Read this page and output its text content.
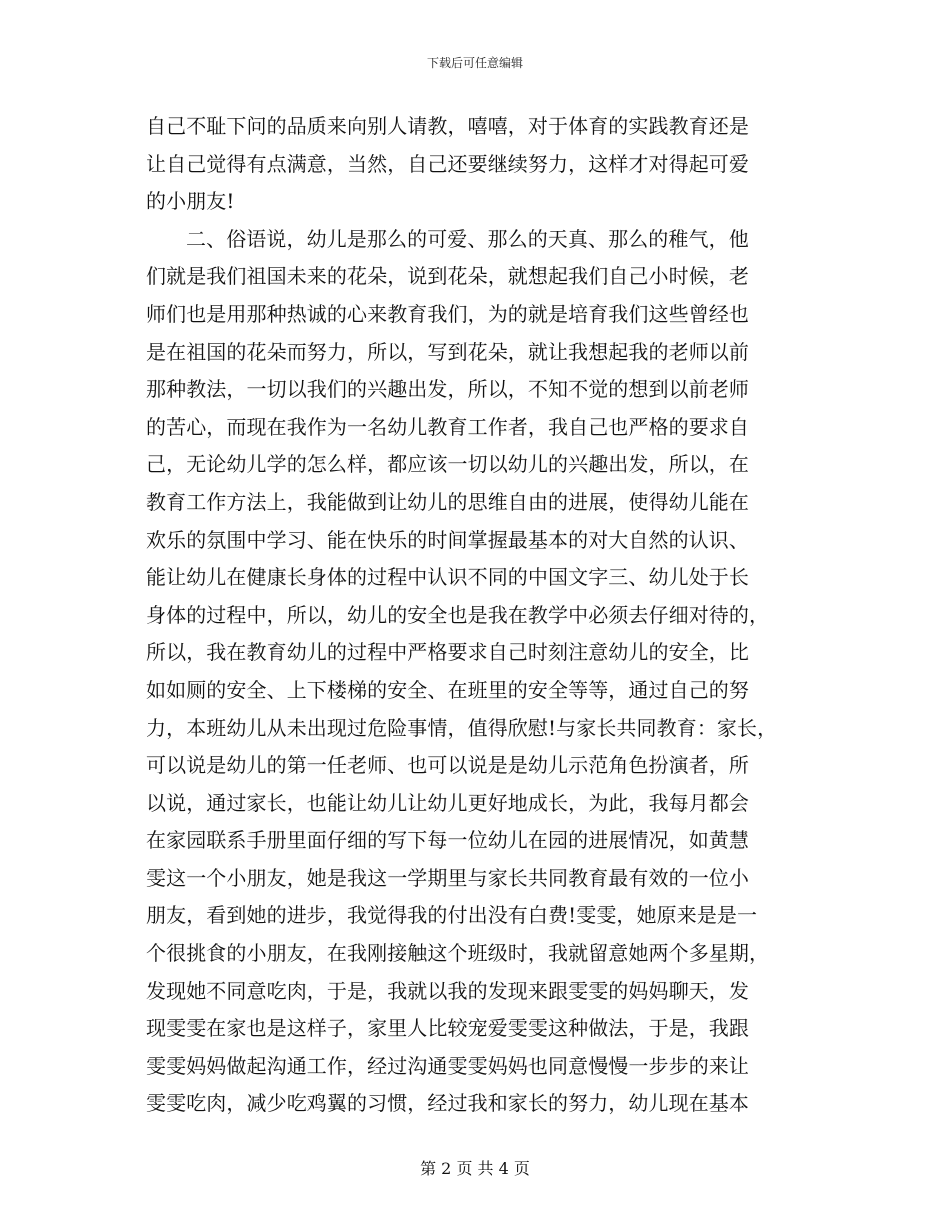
下载后可任意编辑
自己不耻下问的品质来向别人请教，嘻嘻，对于体育的实践教育还是
让自己觉得有点满意，当然，自己还要继续努力，这样才对得起可爱
的小朋友!
二、俗语说，幼儿是那么的可爱、那么的天真、那么的稚气，他
们就是我们祖国未来的花朵，说到花朵，就想起我们自己小时候，老
师们也是用那种热诚的心来教育我们，为的就是培育我们这些曾经也
是在祖国的花朵而努力，所以，写到花朵，就让我想起我的老师以前
那种教法，一切以我们的兴趣出发，所以，不知不觉的想到以前老师
的苦心，而现在我作为一名幼儿教育工作者，我自己也严格的要求自
己，无论幼儿学的怎么样，都应该一切以幼儿的兴趣出发，所以，在
教育工作方法上，我能做到让幼儿的思维自由的进展，使得幼儿能在
欢乐的氛围中学习、能在快乐的时间掌握最基本的对大自然的认识、
能让幼儿在健康长身体的过程中认识不同的中国文字三、幼儿处于长
身体的过程中，所以，幼儿的安全也是我在教学中必须去仔细对待的，
所以，我在教育幼儿的过程中严格要求自己时刻注意幼儿的安全，比
如如厕的安全、上下楼梯的安全、在班里的安全等等，通过自己的努
力，本班幼儿从未出现过危险事情，值得欣慰!与家长共同教育：家长，
可以说是幼儿的第一任老师、也可以说是是幼儿示范角色扮演者，所
以说，通过家长，也能让幼儿让幼儿更好地成长，为此，我每月都会
在家园联系手册里面仔细的写下每一位幼儿在园的进展情况，如黄慧
雯这一个小朋友，她是我这一学期里与家长共同教育最有效的一位小
朋友，看到她的进步，我觉得我的付出没有白费!雯雯，她原来是是一
个很挑食的小朋友，在我刚接触这个班级时，我就留意她两个多星期，
发现她不同意吃肉，于是，我就以我的发现来跟雯雯的妈妈聊天，发
现雯雯在家也是这样子，家里人比较宠爱雯雯这种做法，于是，我跟
雯雯妈妈做起沟通工作，经过沟通雯雯妈妈也同意慢慢一步步的来让
雯雯吃肉，减少吃鸡翼的习惯，经过我和家长的努力，幼儿现在基本
第 2 页 共 4 页
